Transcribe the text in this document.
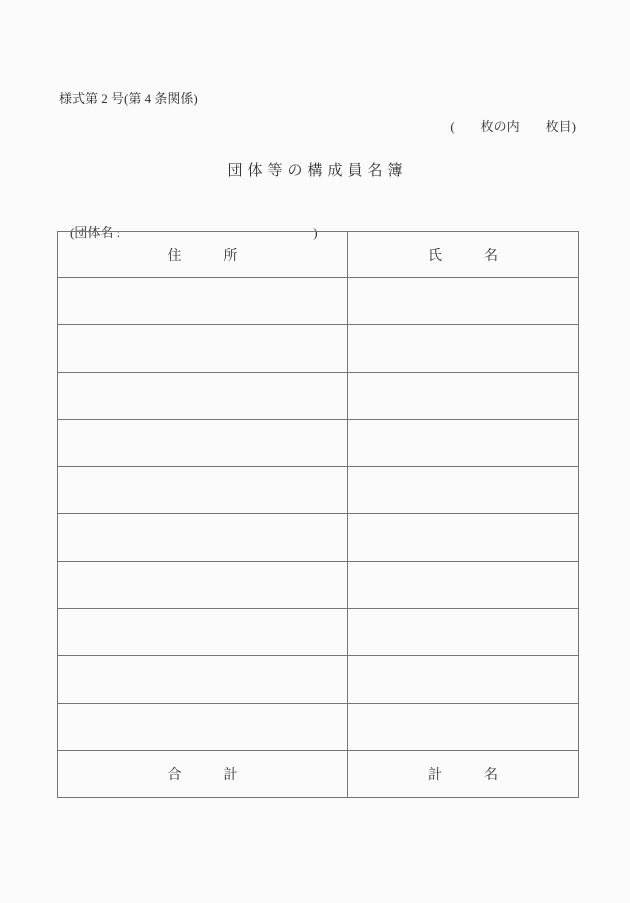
様式第 2 号(第 4 条関係)
(　　枚の内　　枚目)
団体等の構成員名簿

(団体名 :	)

住　　　所	氏　　　名

合　　　計	計　　　名
